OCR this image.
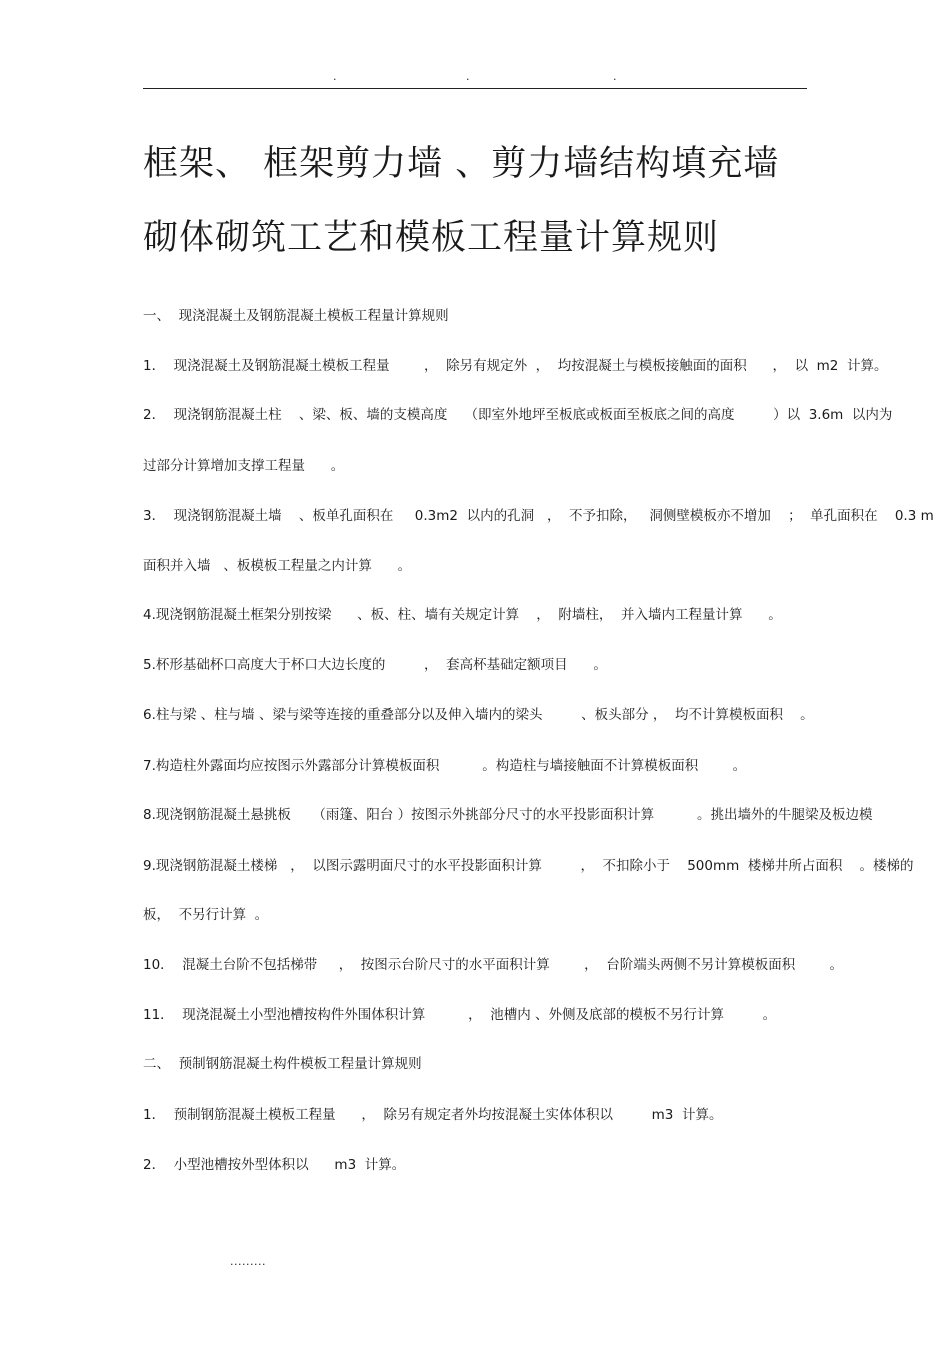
.	.	.
框架、 框架剪力墙 、剪力墙结构填充墙
砌体砌筑工艺和模板工程量计算规则
一、  现浇混凝土及钢筋混凝土模板工程量计算规则
1．  现浇混凝土及钢筋混凝土模板工程量        ，  除另有规定外  ，  均按混凝土与模板接触面的面积      ，  以  m2  计算。
2．  现浇钢筋混凝土柱    、梁、板、墙的支模高度    （即室外地坪至板底或板面至板底之间的高度         ）以  3.6m  以内为
过部分计算增加支撑工程量      。
3．  现浇钢筋混凝土墙    、板单孔面积在     0.3m2  以内的孔洞   ，  不予扣除，   洞侧壁模板亦不增加    ；  单孔面积在    0.3 m
面积并入墙   、板模板工程量之内计算      。
4.现浇钢筋混凝土框架分别按梁      、板、柱、墙有关规定计算    ，  附墙柱，  并入墙内工程量计算      。
5.杯形基础杯口高度大于杯口大边长度的         ，  套高杯基础定额项目      。
6.柱与梁 、柱与墙 、梁与梁等连接的重叠部分以及伸入墙内的梁头         、板头部分 ，  均不计算模板面积    。
7.构造柱外露面均应按图示外露部分计算模板面积          。构造柱与墙接触面不计算模板面积        。
8.现浇钢筋混凝土悬挑板     （雨篷、阳台 ）按图示外挑部分尺寸的水平投影面积计算          。挑出墙外的牛腿梁及板边模
9.现浇钢筋混凝土楼梯   ，  以图示露明面尺寸的水平投影面积计算         ，  不扣除小于    500mm  楼梯井所占面积    。楼梯的
板，  不另行计算  。
10．  混凝土台阶不包括梯带     ，  按图示台阶尺寸的水平面积计算        ，  台阶端头两侧不另计算模板面积        。
11．  现浇混凝土小型池槽按构件外围体积计算          ，  池槽内 、外侧及底部的模板不另行计算         。
二、  预制钢筋混凝土构件模板工程量计算规则
1．  预制钢筋混凝土模板工程量      ，  除另有规定者外均按混凝土实体体积以         m3  计算。
2．  小型池槽按外型体积以      m3  计算。
.........
